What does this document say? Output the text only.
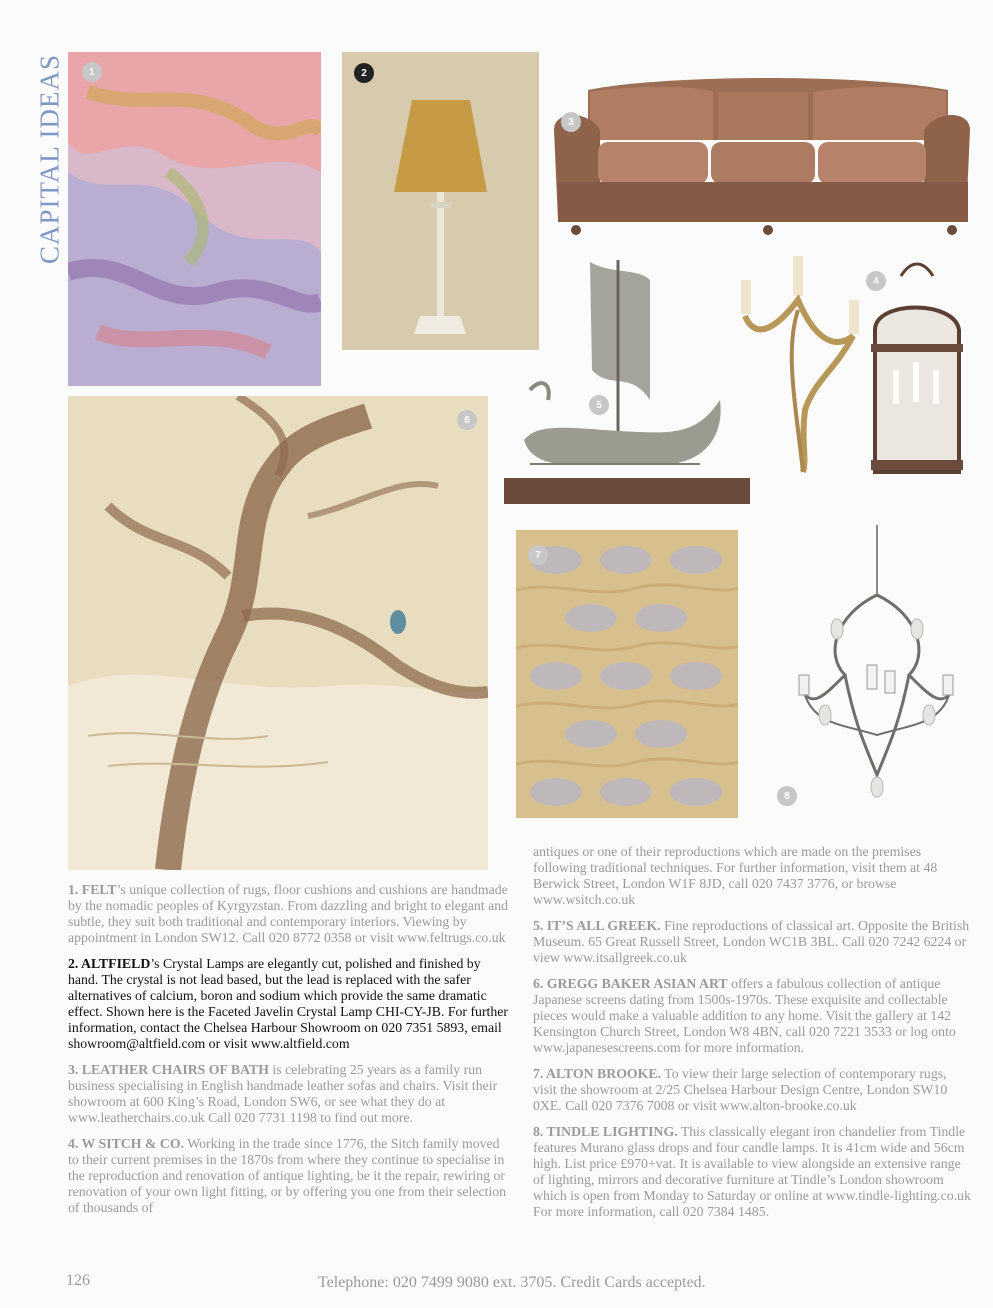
CAPITAL IDEAS	1	2
3
4
5
6
7
8

1. FELT’s unique collection of rugs, floor cushions and cushions are handmade by the nomadic peoples of Kyrgyzstan. From dazzling and bright to elegant and subtle, they suit both traditional and contemporary interiors. Viewing by appointment in London SW12. Call 020 8772 0358 or visit www.feltrugs.co.uk

2. ALTFIELD’s Crystal Lamps are elegantly cut, polished and finished by hand. The crystal is not lead based, but the lead is replaced with the safer alternatives of calcium, boron and sodium which provide the same dramatic effect. Shown here is the Faceted Javelin Crystal Lamp CHI-CY-JB. For further information, contact the Chelsea Harbour Showroom on 020 7351 5893, email showroom@altfield.com or visit www.altfield.com

3. LEATHER CHAIRS OF BATH is celebrating 25 years as a family run business specialising in English handmade leather sofas and chairs. Visit their showroom at 600 King’s Road, London SW6, or see what they do at www.leatherchairs.co.uk Call 020 7731 1198 to find out more.

4. W SITCH & CO. Working in the trade since 1776, the Sitch family moved to their current premises in the 1870s from where they continue to specialise in the reproduction and renovation of antique lighting, be it the repair, rewiring or renovation of your own light fitting, or by offering you one from their selection of thousands of

antiques or one of their reproductions which are made on the premises following traditional techniques. For further information, visit them at 48 Berwick Street, London W1F 8JD, call 020 7437 3776, or browse www.wsitch.co.uk

5. IT’S ALL GREEK. Fine reproductions of classical art. Opposite the British Museum. 65 Great Russell Street, London WC1B 3BL. Call 020 7242 6224 or view www.itsallgreek.co.uk

6. GREGG BAKER ASIAN ART offers a fabulous collection of antique Japanese screens dating from 1500s-1970s. These exquisite and collectable pieces would make a valuable addition to any home. Visit the gallery at 142 Kensington Church Street, London W8 4BN, call 020 7221 3533 or log onto www.japanesescreens.com for more information.

7. ALTON BROOKE. To view their large selection of contemporary rugs, visit the showroom at 2/25 Chelsea Harbour Design Centre, London SW10 0XE. Call 020 7376 7008 or visit www.alton-brooke.co.uk

8. TINDLE LIGHTING. This classically elegant iron chandelier from Tindle features Murano glass drops and four candle lamps. It is 41cm wide and 56cm high. List price £970+vat. It is available to view alongside an extensive range of lighting, mirrors and decorative furniture at Tindle’s London showroom which is open from Monday to Saturday or online at www.tindle-lighting.co.uk For more information, call 020 7384 1485.

126	Telephone: 020 7499 9080 ext. 3705. Credit Cards accepted.
